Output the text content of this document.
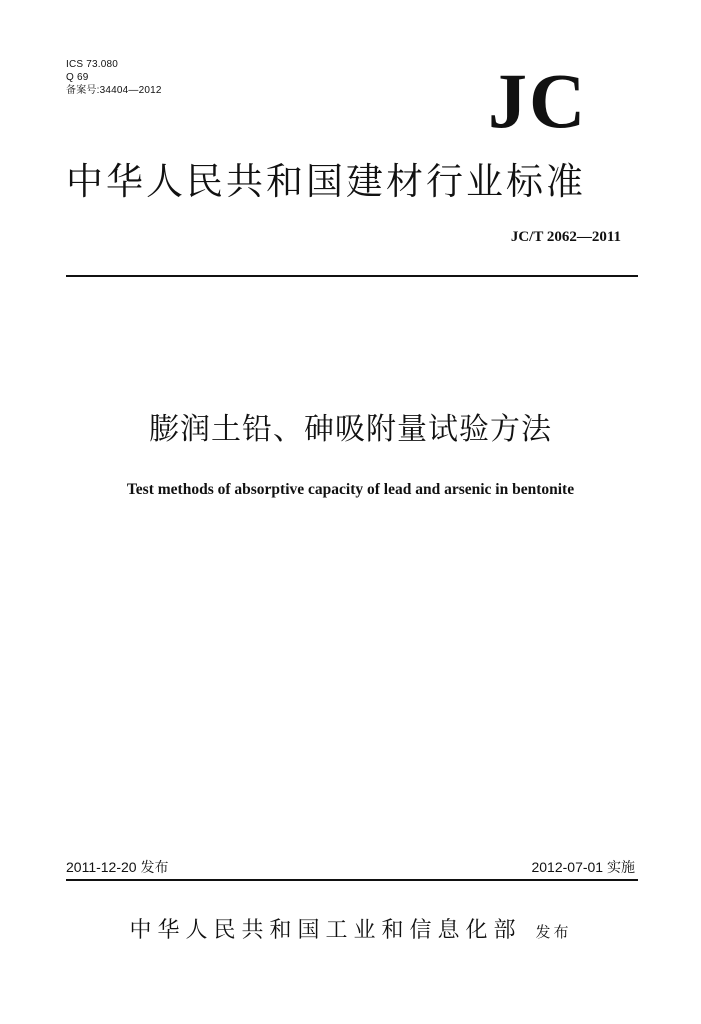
ICS 73.080
Q 69
备案号:34404—2012	JC
中华人民共和国建材行业标准
JC/T 2062—2011
膨润土铅、砷吸附量试验方法
Test methods of absorptive capacity of lead and arsenic in bentonite
2011-12-20 发布	2012-07-01 实施
中华人民共和国工业和信息化部 发布
